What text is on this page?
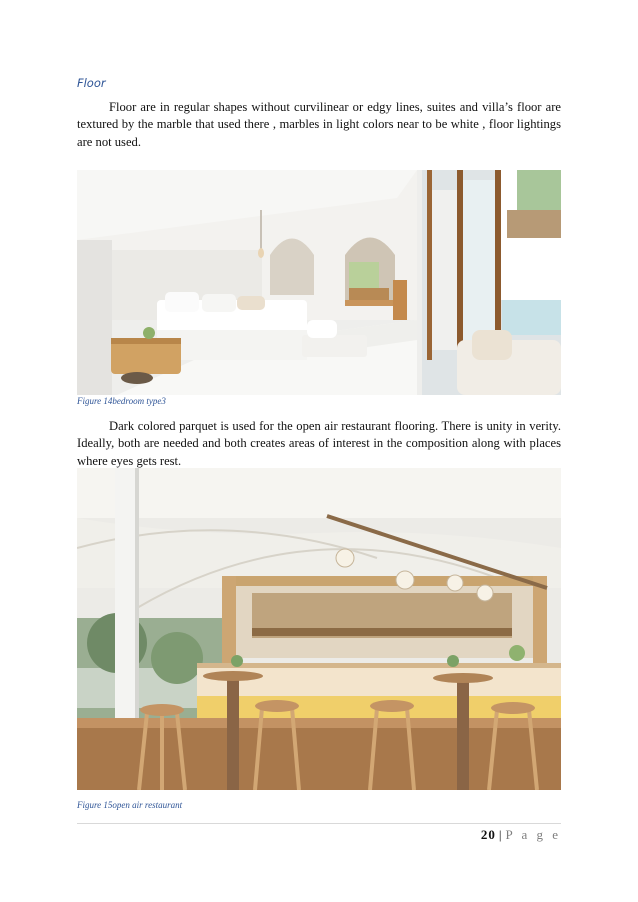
Floor

Floor are in regular shapes without curvilinear or edgy lines, suites and villa’s floor are textured by the marble that used there , marbles in light colors near to be white , floor lightings are not used.

Figure 14bedroom type3

Dark colored parquet is used for the open air restaurant flooring. There is unity in verity. Ideally, both are needed and both creates areas of interest in the composition along with places where eyes gets rest.

Figure 15open air restaurant
20 | P a g e
